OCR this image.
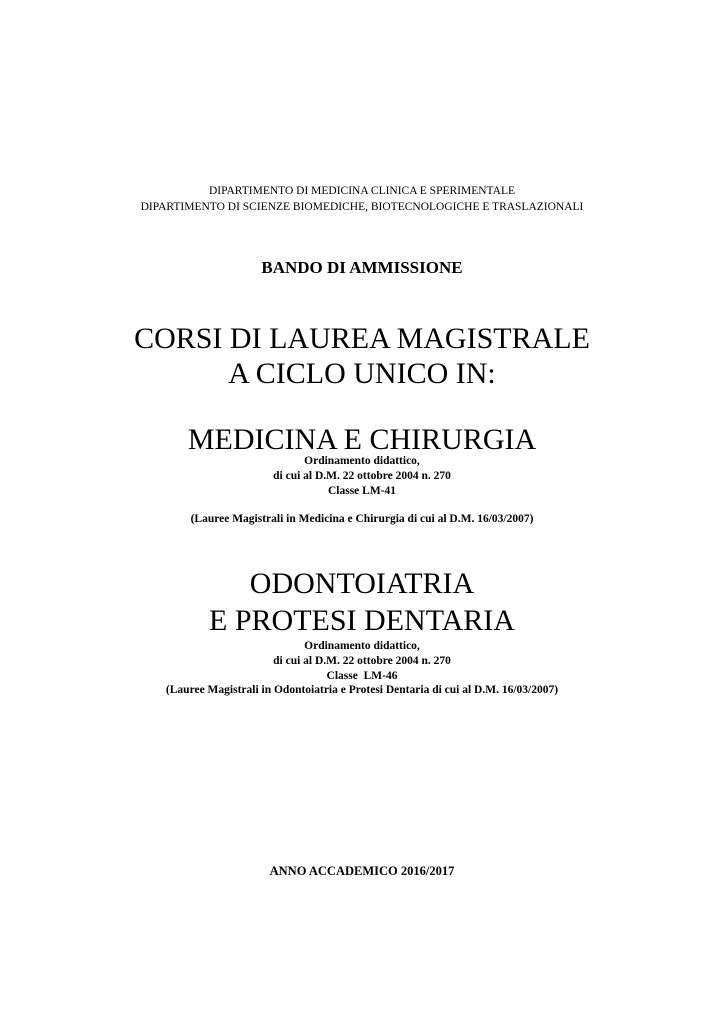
DIPARTIMENTO DI MEDICINA CLINICA E SPERIMENTALE
DIPARTIMENTO DI SCIENZE BIOMEDICHE, BIOTECNOLOGICHE E TRASLAZIONALI
BANDO DI AMMISSIONE
CORSI DI LAUREA MAGISTRALE
A CICLO UNICO IN:
MEDICINA E CHIRURGIA
Ordinamento didattico,
di cui al D.M. 22 ottobre 2004 n. 270
Classe LM-41
(Lauree Magistrali in Medicina e Chirurgia di cui al D.M. 16/03/2007)
ODONTOIATRIA
E PROTESI DENTARIA
Ordinamento didattico,
di cui al D.M. 22 ottobre 2004 n. 270
Classe  LM-46
(Lauree Magistrali in Odontoiatria e Protesi Dentaria di cui al D.M. 16/03/2007)
ANNO ACCADEMICO 2016/2017
